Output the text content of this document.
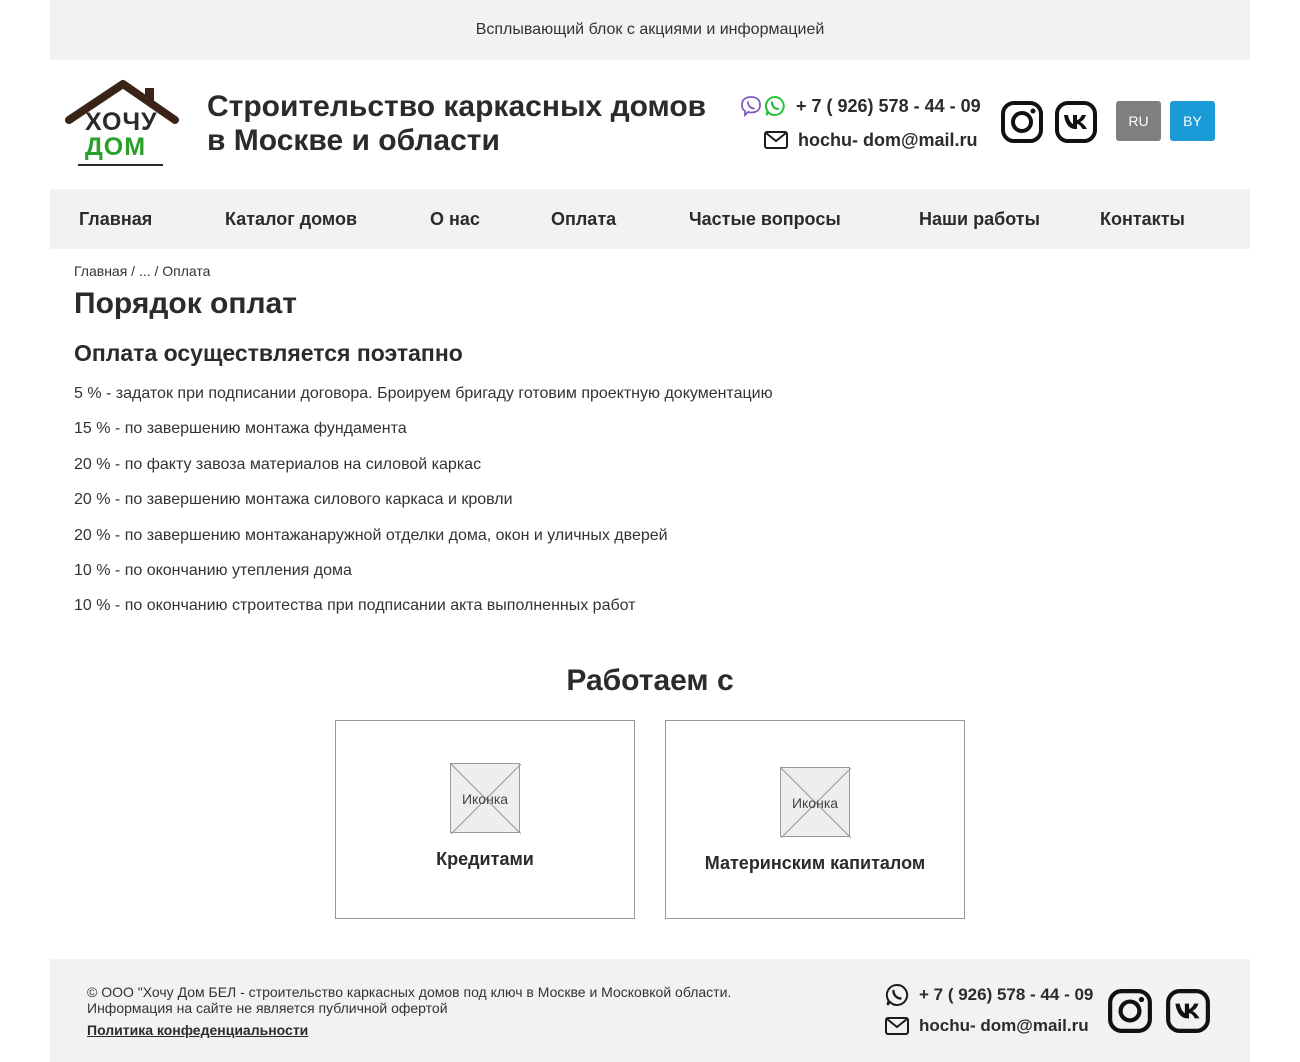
Всплывающий блок с акциями и информацией
ХОЧУ
ДОМ
Строительство каркасных домов
в Москве и области
+ 7 ( 926) 578 - 44 - 09
hochu- dom@mail.ru
RU	BY
Главная	Каталог домов	О нас	Оплата	Частые вопросы	Наши работы	Контакты
Главная / ... / Оплата
Порядок оплат
Оплата осуществляется поэтапно
5 % - задаток при подписании договора. Броируем бригаду готовим проектную документацию
15 % - по завершению монтажа фундамента
20 % - по факту завоза материалов на силовой каркас
20 % - по завершению монтажа силового каркаса и кровли
20 % - по завершению монтажанаружной отделки дома, окон и уличных дверей
10 % - по окончанию утепления дома
10 % - по окончанию строитества при подписании акта выполненных работ
Работаем с
Иконка
Кредитами
Иконка
Материнским капиталом
© ООО "Хочу Дом БЕЛ - строительство каркасных домов под ключ в Москве и Московкой области.
Информация на сайте не является публичной офертой
Политика конфеденциальности
+ 7 ( 926) 578 - 44 - 09
hochu- dom@mail.ru
